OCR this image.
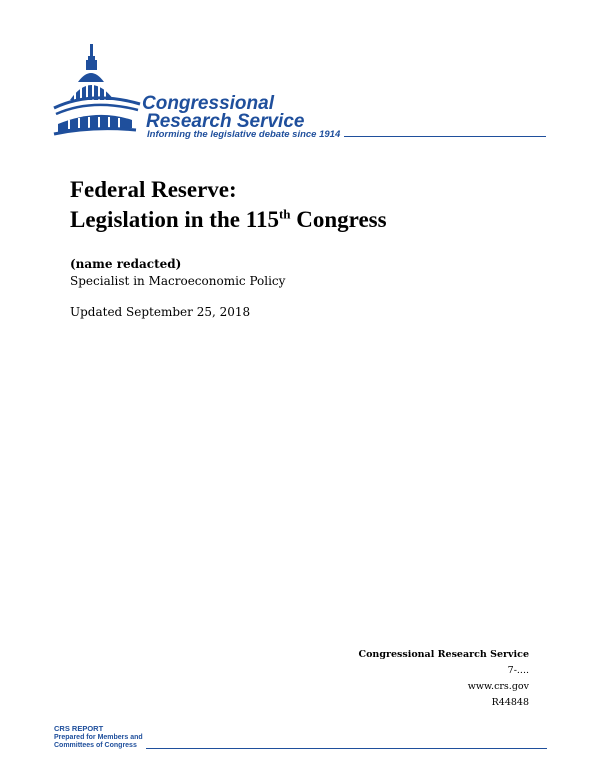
Congressional
Research Service
Informing the legislative debate since 1914
Federal Reserve:
Legislation in the 115th Congress
(name redacted)
Specialist in Macroeconomic Policy
Updated September 25, 2018
Congressional Research Service
7-....
www.crs.gov
R44848
CRS REPORT
Prepared for Members and
Committees of Congress
